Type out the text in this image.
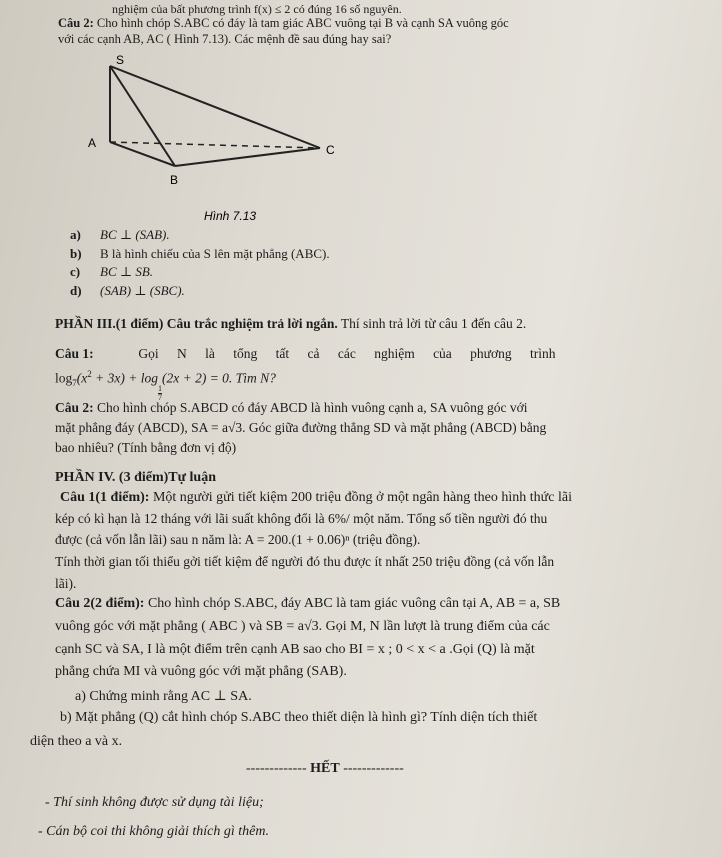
nghiệm của bất phương trình f(x) ≤ 2 có đúng 16 số nguyên.
Câu 2: Cho hình chóp S.ABC có đáy là tam giác ABC vuông tại B và cạnh SA vuông góc
với các cạnh AB, AC ( Hình 7.13). Các mệnh đề sau đúng hay sai?
S
A
B
C
Hình 7.13
a) BC ⊥ (SAB).
b) B là hình chiếu của S lên mặt phẳng (ABC).
c) BC ⊥ SB.
d) (SAB) ⊥ (SBC).
PHẦN III.(1 điểm) Câu trắc nghiệm trả lời ngắn. Thí sinh trả lời từ câu 1 đến câu 2.
Câu 1:	Gọi N là tổng tất cả các nghiệm của phương trình
$\log_7(x^2 + 3x) + \log$
$\frac{1}{7}$
(2x + 2) = 0. Tìm N?
Câu 2: Cho hình chóp S.ABCD có đáy ABCD là hình vuông cạnh a, SA vuông góc với
mặt phẳng đáy (ABCD), SA = a√3. Góc giữa đường thẳng SD và mặt phẳng (ABCD) bằng
bao nhiêu? (Tính bằng đơn vị độ)
PHẦN IV. (3 điểm)Tự luận
Câu 1(1 điểm): Một người gửi tiết kiệm 200 triệu đồng ở một ngân hàng theo hình thức lãi
kép có kì hạn là 12 tháng với lãi suất không đổi là 6%/ một năm. Tổng số tiền người đó thu
được (cả vốn lẫn lãi) sau n năm là: A = 200.(1 + 0.06)ⁿ (triệu đồng).
Tính thời gian tối thiểu gởi tiết kiệm để người đó thu được ít nhất 250 triệu đồng (cả vốn lẫn
lãi).
Câu 2(2 điểm): Cho hình chóp S.ABC, đáy ABC là tam giác vuông cân tại A, AB = a, SB
vuông góc với mặt phẳng ( ABC ) và SB = a√3. Gọi M, N lần lượt là trung điểm của các
cạnh SC và SA, I là một điểm trên cạnh AB sao cho BI = x ; 0 < x < a .Gọi (Q) là mặt
phẳng chứa MI và vuông góc với mặt phẳng (SAB).
a) Chứng minh rằng AC ⊥ SA.
b) Mặt phẳng (Q) cắt hình chóp S.ABC theo thiết diện là hình gì? Tính diện tích thiết
diện theo a và x.
------------- HẾT -------------
- Thí sinh không được sử dụng tài liệu;
- Cán bộ coi thi không giải thích gì thêm.
